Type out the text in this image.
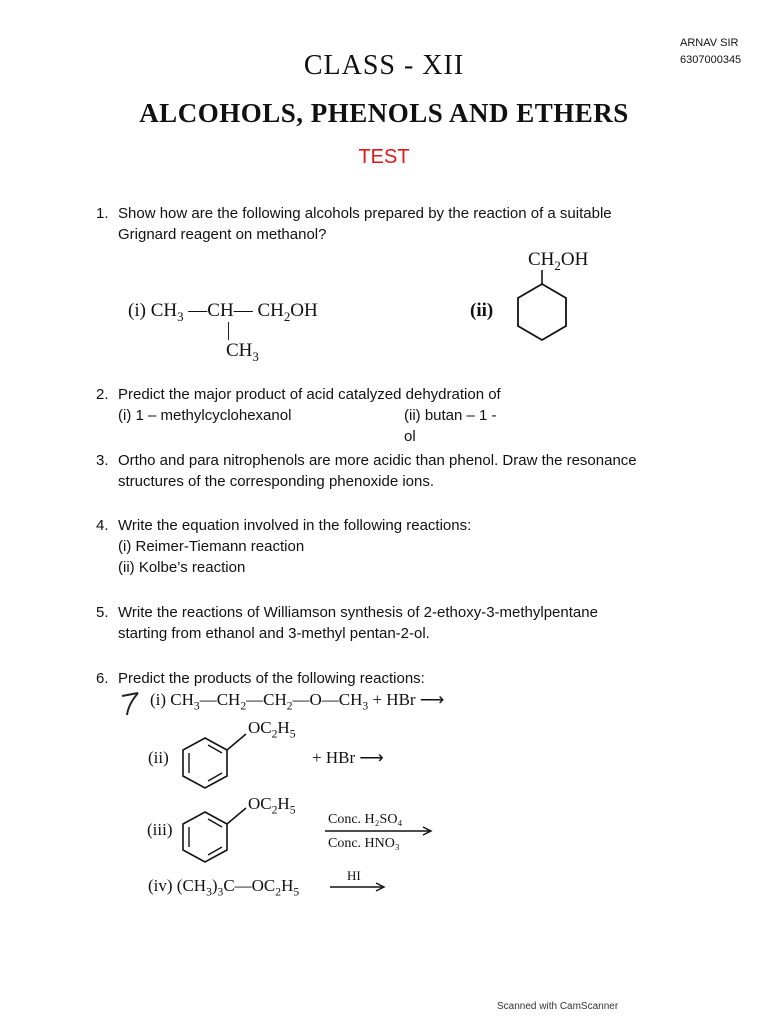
ARNAV SIR
6307000345
CLASS - XII
ALCOHOLS, PHENOLS AND ETHERS
TEST
1. Show how are the following alcohols prepared by the reaction of a suitable
Grignard reagent on methanol?
(i) $CH_3$ —CH— $CH_2OH$
$CH_3$
(ii)
$CH_2OH$
2. Predict the major product of acid catalyzed dehydration of
(i) 1 – methylcyclohexanol	(ii) butan – 1 - ol
3. Ortho and para nitrophenols are more acidic than phenol. Draw the resonance
structures of the corresponding phenoxide ions.
4. Write the equation involved in the following reactions:
(i) Reimer-Tiemann reaction
(ii) Kolbe’s reaction
5. Write the reactions of Williamson synthesis of 2-ethoxy-3-methylpentane
starting from ethanol and 3-methyl pentan-2-ol.
6. Predict the products of the following reactions:
(i) $CH_3—CH_2—CH_2—O—CH_3$ + HBr ⟶
(ii)
$OC_2H_5$
+ HBr ⟶
(iii)
$OC_2H_5$
Conc. H₂SO₄
Conc. HNO₃
(iv) $(CH_3)_3C—OC_2H_5$
HI
Scanned with CamScanner
